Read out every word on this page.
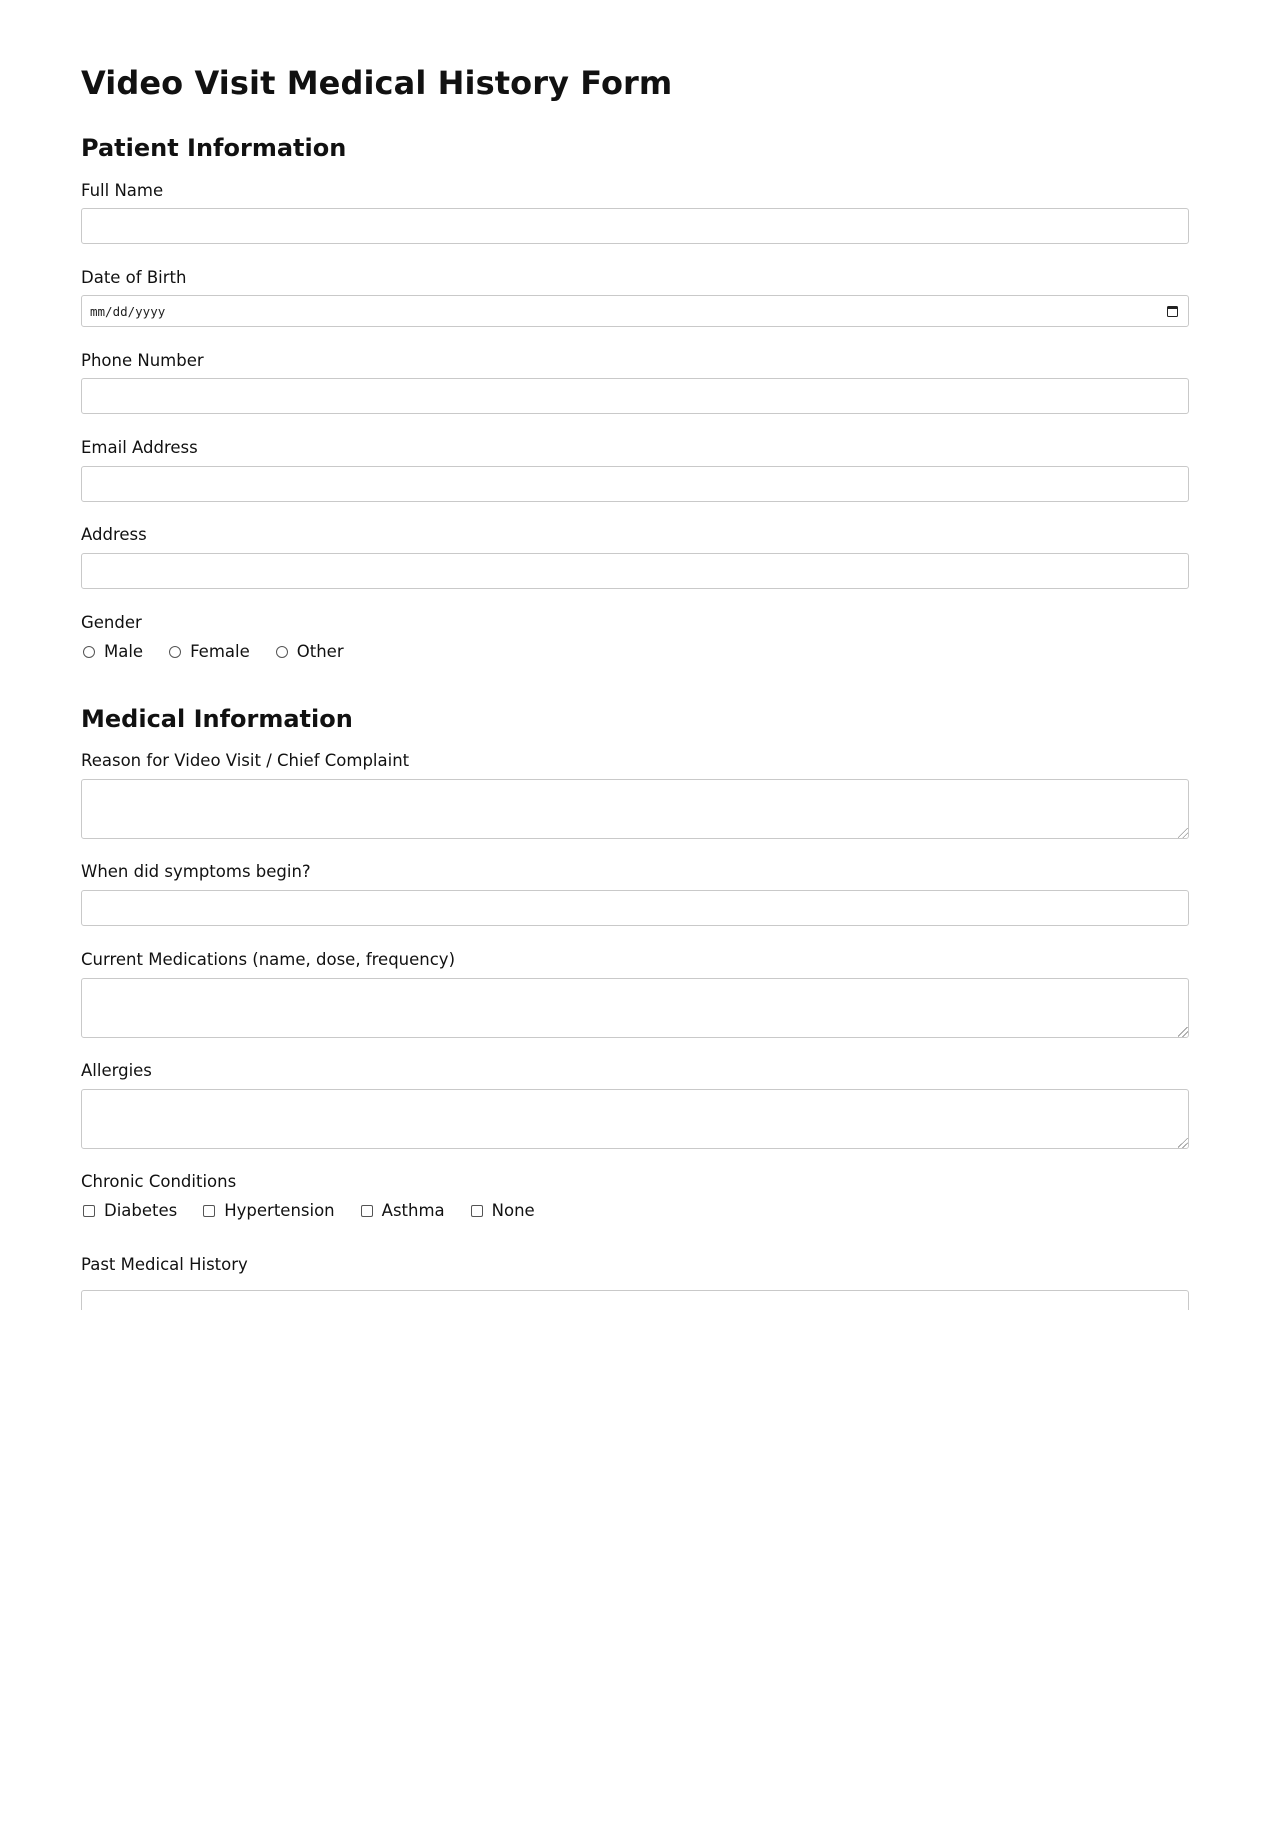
Video Visit Medical History Form
Patient Information
Full Name
Date of Birth
mm/dd/yyyy
Phone Number
Email Address
Address
Gender
Male	Female	Other
Medical Information
Reason for Video Visit / Chief Complaint
When did symptoms begin?
Current Medications (name, dose, frequency)
Allergies
Chronic Conditions
Diabetes	Hypertension	Asthma	None
Past Medical History
